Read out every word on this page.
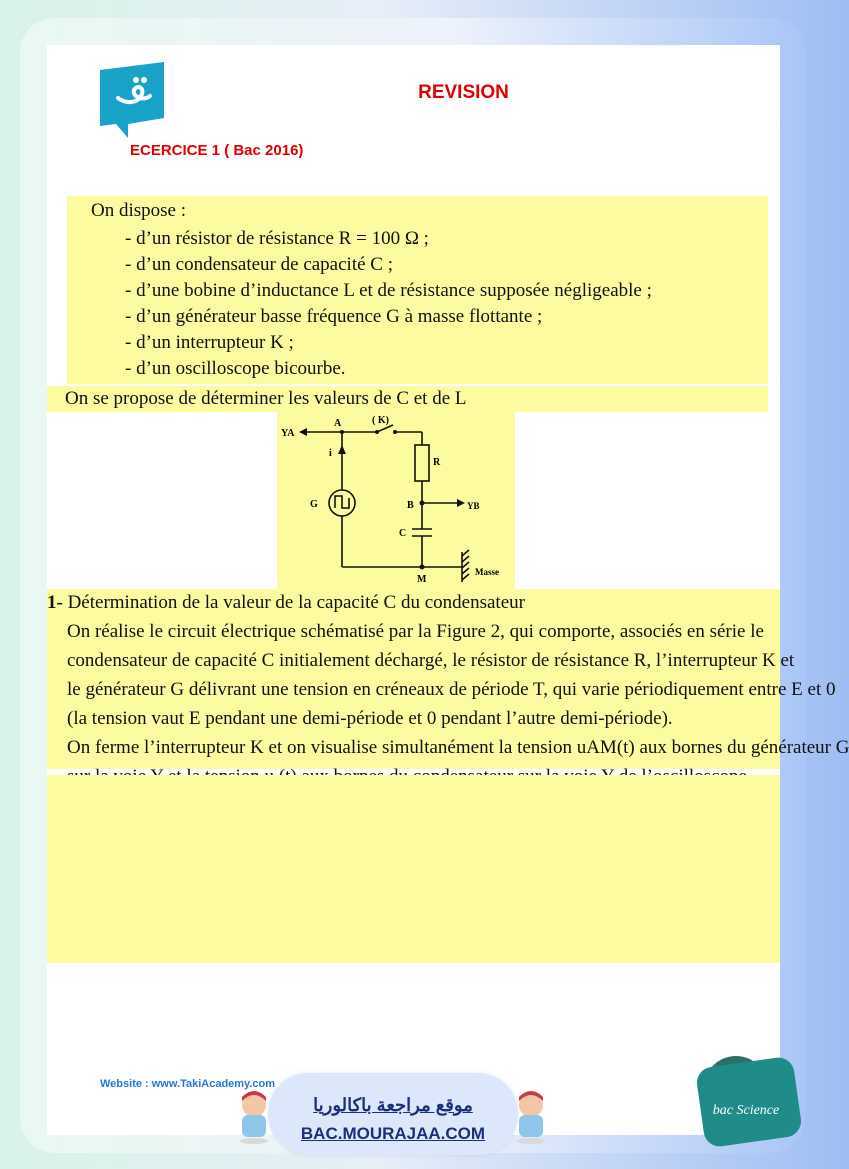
REVISION
ECERCICE 1 ( Bac 2016)
On dispose :
- d’un résistor de résistance R = 100 Ω ;
- d’un condensateur de capacité C ;
- d’une bobine d’inductance L et de résistance supposée négligeable ;
- d’un générateur basse fréquence G à masse flottante ;
- d’un interrupteur K ;
- d’un oscilloscope bicourbe.
On se propose de déterminer les valeurs de C et de L
YA
A	( K)
i
R
G	B	YB
C
M
Masse
1- Détermination de la valeur de la capacité C du condensateur
On réalise le circuit électrique schématisé par la Figure 2, qui comporte, associés en série le
condensateur de capacité C initialement déchargé, le résistor de résistance R, l’interrupteur K et
le générateur G délivrant une tension en créneaux de période T, qui varie périodiquement entre E et 0
(la tension vaut E pendant une demi-période et 0 pendant l’autre demi-période).
On ferme l’interrupteur K et on visualise simultanément la tension uAM(t) aux bornes du générateur G
Website : www.TakiAcademy.com
موقع مراجعة باكالوريا
BAC.MOURAJAA.COM
bac Science
